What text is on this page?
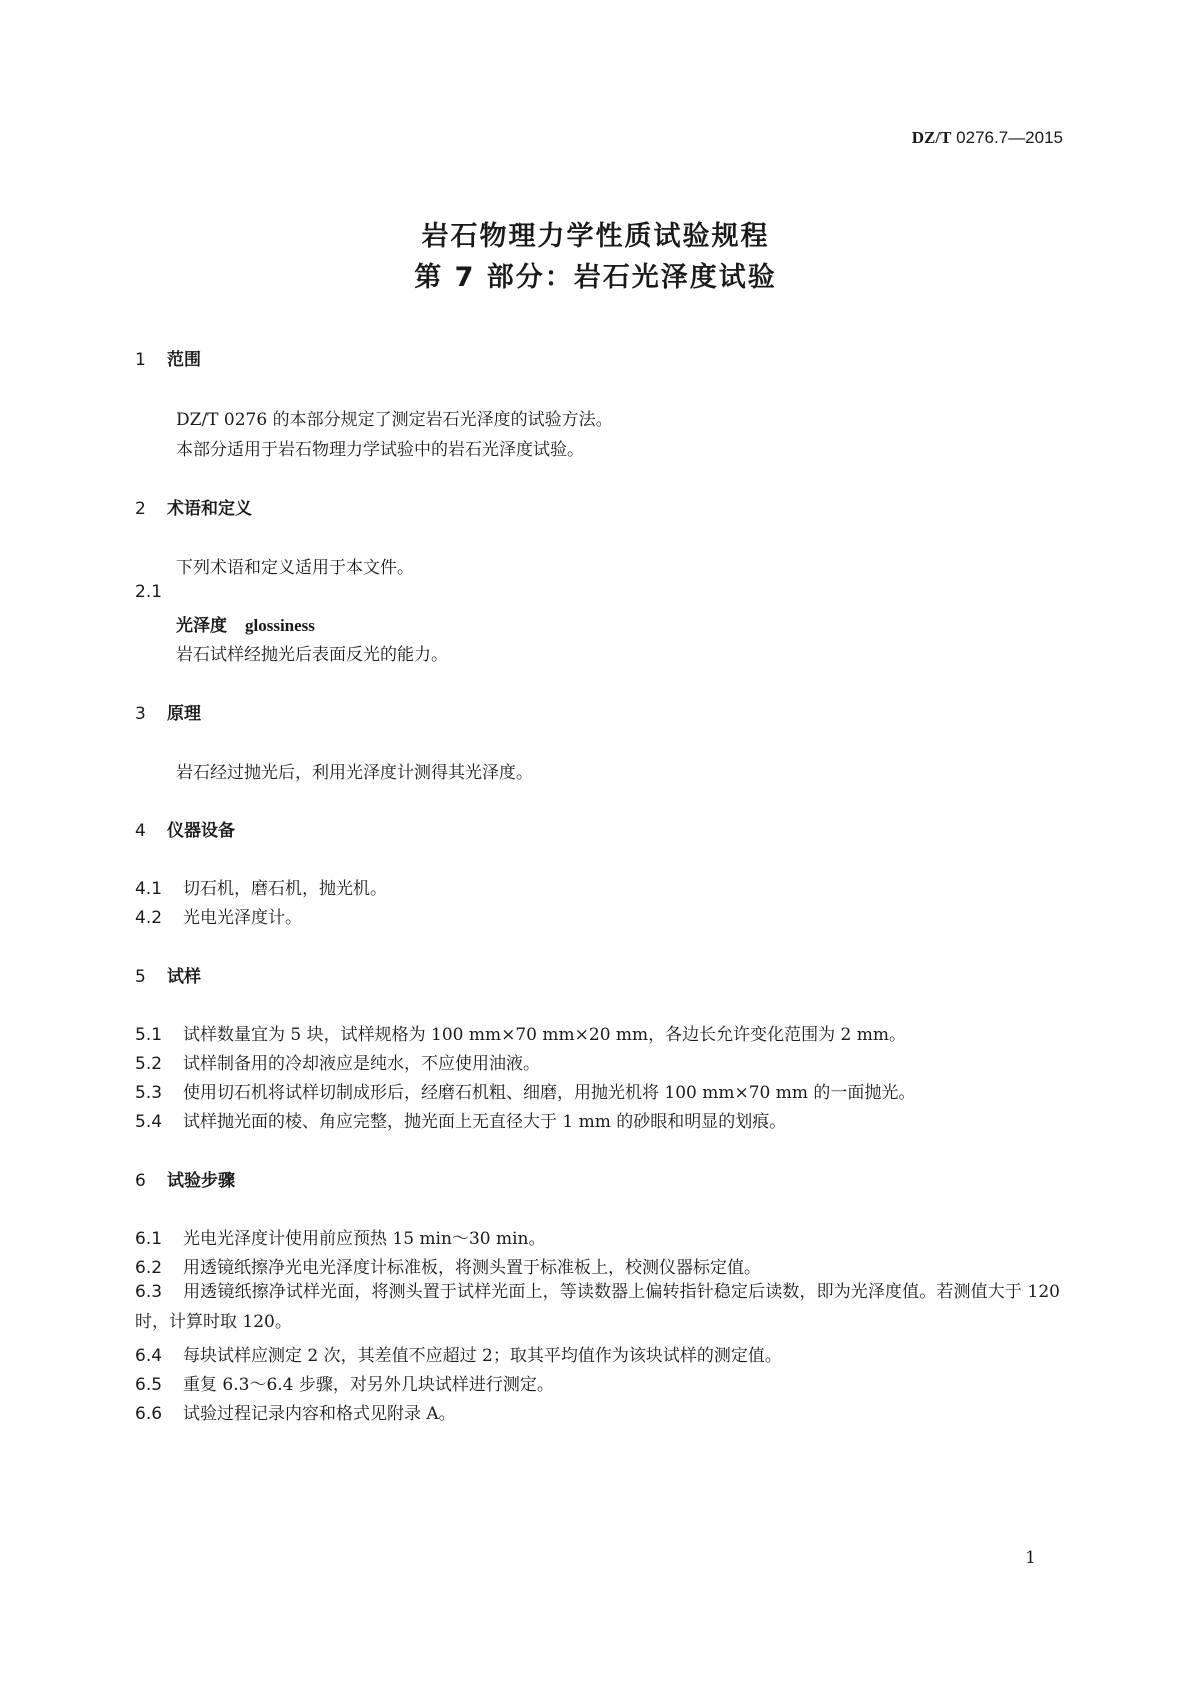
DZ/T 0276.7—2015
岩石物理力学性质试验规程
第 7 部分：岩石光泽度试验
1 范围
DZ/T 0276 的本部分规定了测定岩石光泽度的试验方法。
本部分适用于岩石物理力学试验中的岩石光泽度试验。
2 术语和定义
下列术语和定义适用于本文件。
2.1
光泽度 glossiness
岩石试样经抛光后表面反光的能力。
3 原理
岩石经过抛光后，利用光泽度计测得其光泽度。
4 仪器设备
4.1 切石机，磨石机，抛光机。
4.2 光电光泽度计。
5 试样
5.1 试样数量宜为 5 块，试样规格为 100 mm×70 mm×20 mm，各边长允许变化范围为 2 mm。
5.2 试样制备用的冷却液应是纯水，不应使用油液。
5.3 使用切石机将试样切制成形后，经磨石机粗、细磨，用抛光机将 100 mm×70 mm 的一面抛光。
5.4 试样抛光面的棱、角应完整，抛光面上无直径大于 1 mm 的砂眼和明显的划痕。
6 试验步骤
6.1 光电光泽度计使用前应预热 15 min～30 min。
6.2 用透镜纸擦净光电光泽度计标准板，将测头置于标准板上，校测仪器标定值。
6.3 用透镜纸擦净试样光面，将测头置于试样光面上，等读数器上偏转指针稳定后读数，即为光泽度值。若测值大于 120 时，计算时取 120。
6.4 每块试样应测定 2 次，其差值不应超过 2；取其平均值作为该块试样的测定值。
6.5 重复 6.3～6.4 步骤，对另外几块试样进行测定。
6.6 试验过程记录内容和格式见附录 A。
1
